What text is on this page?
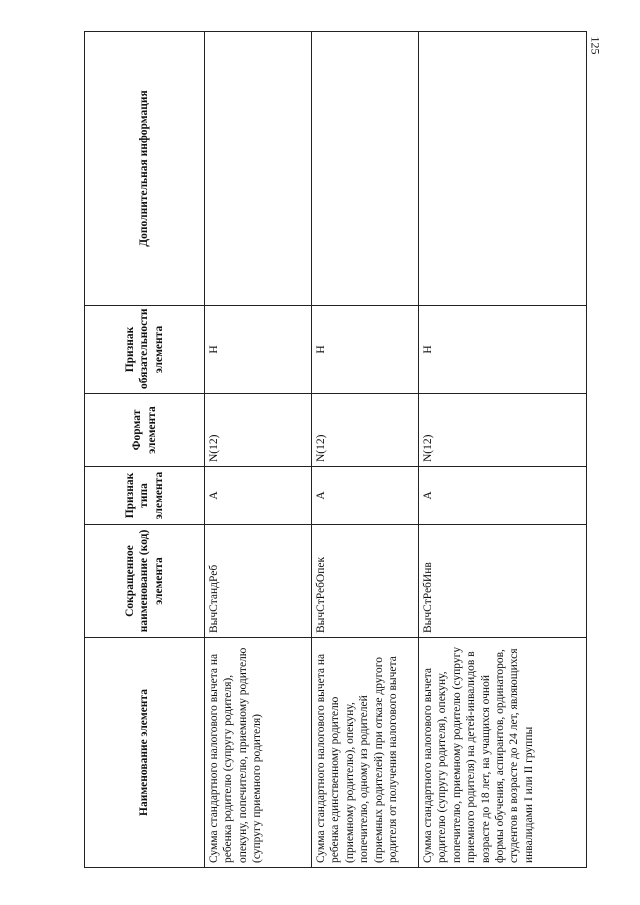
125
Наименование элемента	Сокращенное наименование (код) элемента	Признак типа элемента	Формат элемента	Признак обязательности элемента	Дополнительная информация
Сумма стандартного налогового вычета на ребенка родителю (супругу родителя), опекуну, попечителю, приемному родителю (супругу приемного родителя)	ВычСтандРеб	А	N(12)	Н	
Сумма стандартного налогового вычета на ребенка единственному родителю (приемному родителю), опекуну, попечителю, одному из родителей (приемных родителей) при отказе другого родителя от получения налогового вычета	ВычСтРебОпек	А	N(12)	Н	
Сумма стандартного налогового вычета родителю (супругу родителя), опекуну, попечителю, приемному родителю (супругу приемного родителя) на детей-инвалидов в возрасте до 18 лет, на учащихся очной формы обучения, аспирантов, ординаторов, студентов в возрасте до 24 лет, являющихся инвалидами I или II группы	ВычСтРебИнв	А	N(12)	Н	
